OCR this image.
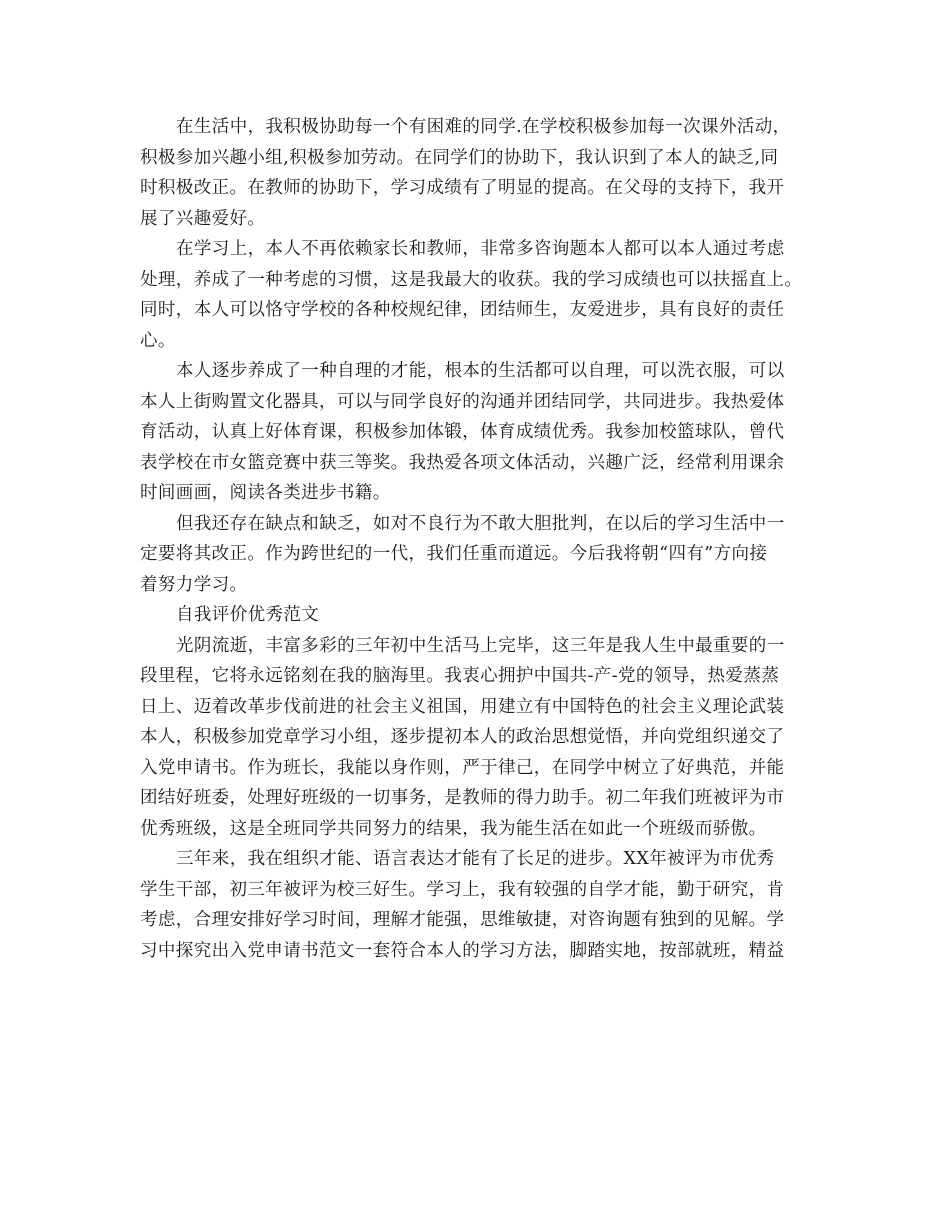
在生活中，我积极协助每一个有困难的同学.在学校积极参加每一次课外活动，
积极参加兴趣小组,积极参加劳动。在同学们的协助下，我认识到了本人的缺乏,同
时积极改正。在教师的协助下，学习成绩有了明显的提高。在父母的支持下，我开
展了兴趣爱好。

在学习上，本人不再依赖家长和教师，非常多咨询题本人都可以本人通过考虑
处理，养成了一种考虑的习惯，这是我最大的收获。我的学习成绩也可以扶摇直上。
同时，本人可以恪守学校的各种校规纪律，团结师生，友爱进步，具有良好的责任
心。

本人逐步养成了一种自理的才能，根本的生活都可以自理，可以洗衣服，可以
本人上街购置文化器具，可以与同学良好的沟通并团结同学，共同进步。我热爱体
育活动，认真上好体育课，积极参加体锻，体育成绩优秀。我参加校篮球队，曾代
表学校在市女篮竞赛中获三等奖。我热爱各项文体活动，兴趣广泛，经常利用课余
时间画画，阅读各类进步书籍。

但我还存在缺点和缺乏，如对不良行为不敢大胆批判，在以后的学习生活中一
定要将其改正。作为跨世纪的一代，我们任重而道远。今后我将朝“四有”方向接
着努力学习。

自我评价优秀范文

光阴流逝，丰富多彩的三年初中生活马上完毕，这三年是我人生中最重要的一
段里程，它将永远铭刻在我的脑海里。我衷心拥护中国共-产-党的领导，热爱蒸蒸
日上、迈着改革步伐前进的社会主义祖国，用建立有中国特色的社会主义理论武装
本人，积极参加党章学习小组，逐步提初本人的政治思想觉悟，并向党组织递交了
入党申请书。作为班长，我能以身作则，严于律己，在同学中树立了好典范，并能
团结好班委，处理好班级的一切事务，是教师的得力助手。初二年我们班被评为市
优秀班级，这是全班同学共同努力的结果，我为能生活在如此一个班级而骄傲。

三年来，我在组织才能、语言表达才能有了长足的进步。XX年被评为市优秀
学生干部，初三年被评为校三好生。学习上，我有较强的自学才能，勤于研究，肯
考虑，合理安排好学习时间，理解才能强，思维敏捷，对咨询题有独到的见解。学
习中探究出入党申请书范文一套符合本人的学习方法，脚踏实地，按部就班，精益
